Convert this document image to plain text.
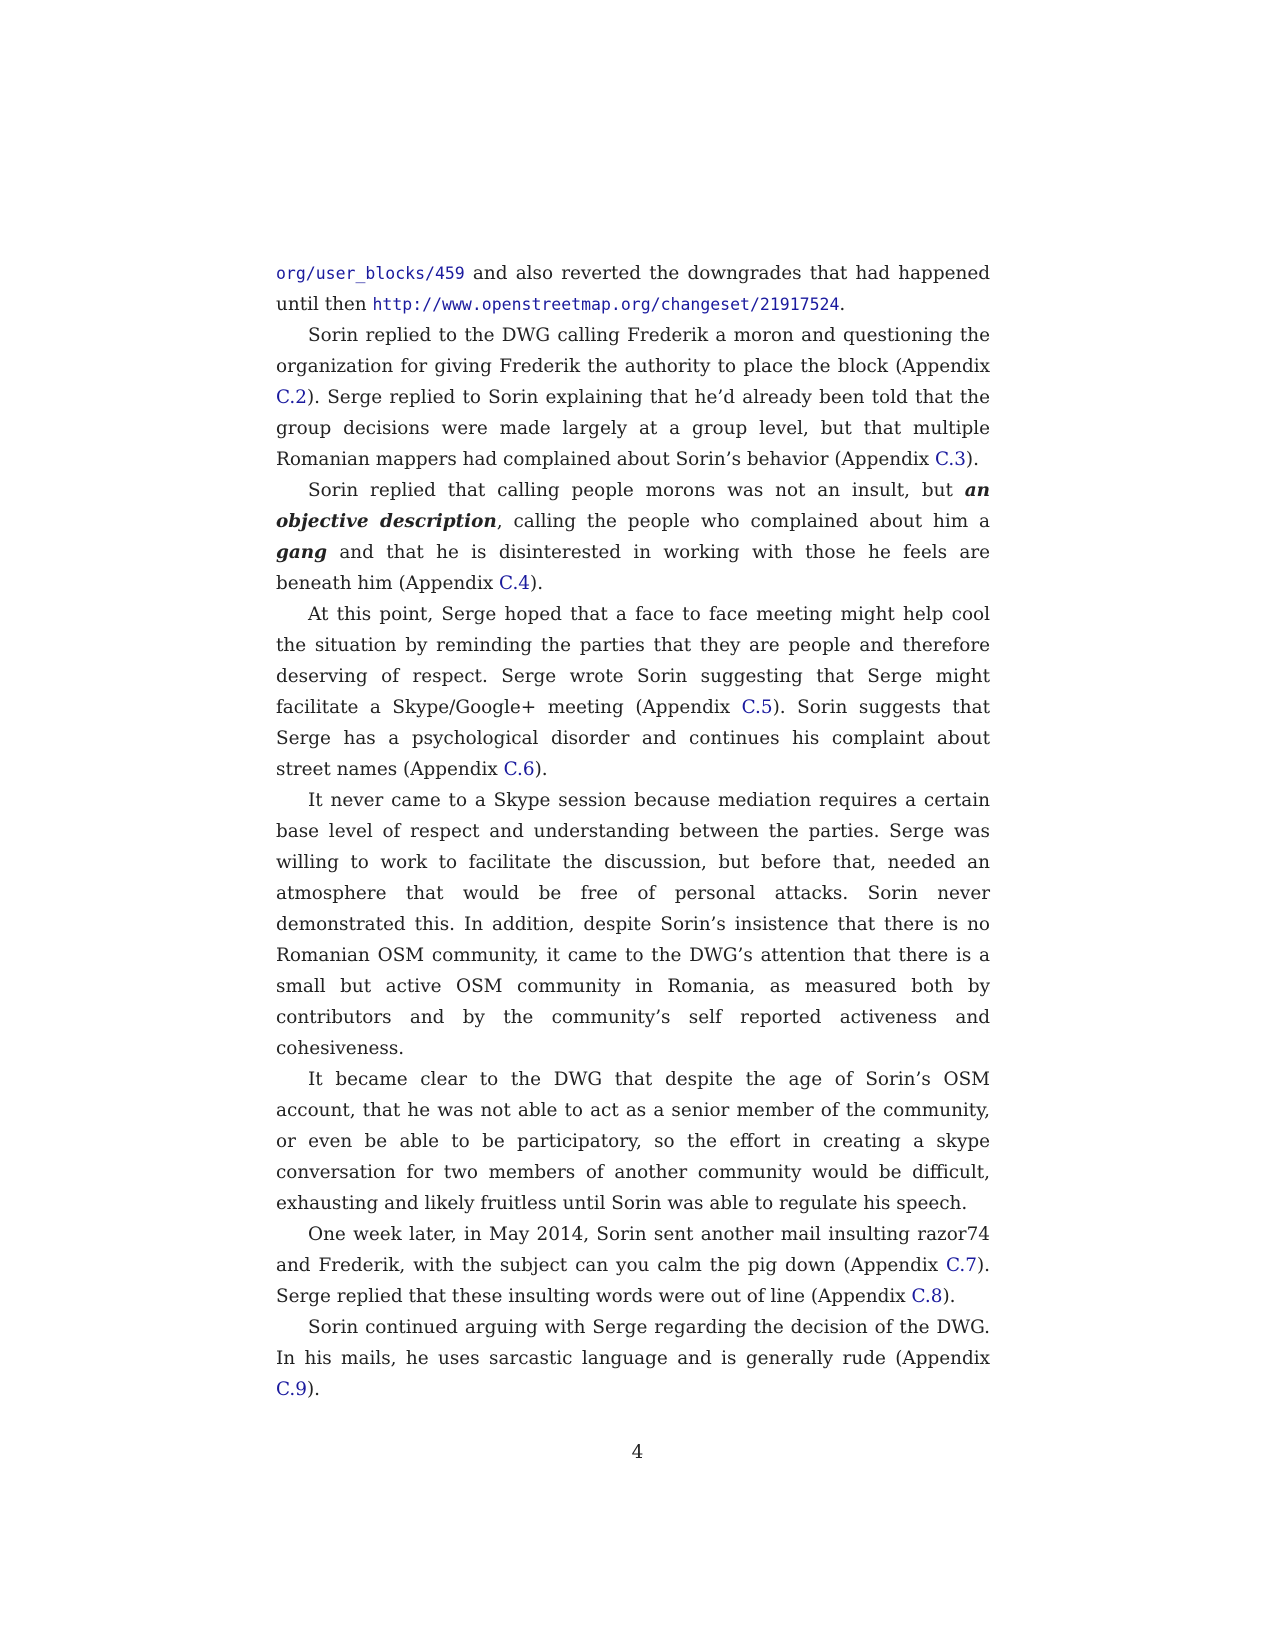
org/user_blocks/459 and also reverted the downgrades that had happened until then http://www.openstreetmap.org/changeset/21917524.

Sorin replied to the DWG calling Frederik a moron and questioning the organization for giving Frederik the authority to place the block (Appendix C.2). Serge replied to Sorin explaining that he’d already been told that the group decisions were made largely at a group level, but that multiple Romanian mappers had complained about Sorin’s behavior (Appendix C.3).

Sorin replied that calling people morons was not an insult, but an objective description, calling the people who complained about him a gang and that he is disinterested in working with those he feels are beneath him (Appendix C.4).

At this point, Serge hoped that a face to face meeting might help cool the situation by reminding the parties that they are people and therefore deserving of respect. Serge wrote Sorin suggesting that Serge might facilitate a Skype/Google+ meeting (Appendix C.5). Sorin suggests that Serge has a psychological disorder and continues his complaint about street names (Appendix C.6).

It never came to a Skype session because mediation requires a certain base level of respect and understanding between the parties. Serge was willing to work to facilitate the discussion, but before that, needed an atmosphere that would be free of personal attacks. Sorin never demonstrated this. In addition, despite Sorin’s insistence that there is no Romanian OSM community, it came to the DWG’s attention that there is a small but active OSM community in Romania, as measured both by contributors and by the community’s self reported activeness and cohesiveness.

It became clear to the DWG that despite the age of Sorin’s OSM account, that he was not able to act as a senior member of the community, or even be able to be participatory, so the effort in creating a skype conversation for two members of another community would be difficult, exhausting and likely fruitless until Sorin was able to regulate his speech.

One week later, in May 2014, Sorin sent another mail insulting razor74 and Frederik, with the subject can you calm the pig down (Appendix C.7). Serge replied that these insulting words were out of line (Appendix C.8).

Sorin continued arguing with Serge regarding the decision of the DWG. In his mails, he uses sarcastic language and is generally rude (Appendix C.9).

4
